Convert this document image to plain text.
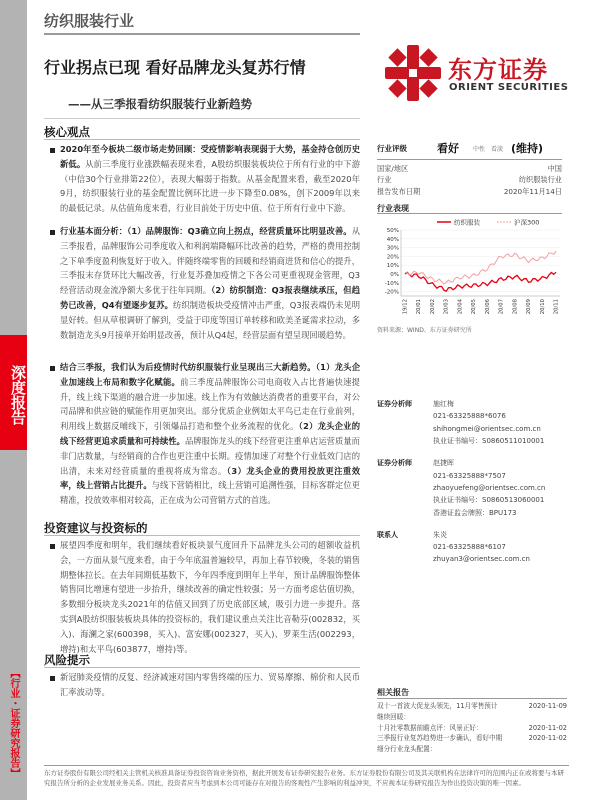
深度报告
【行业・证券研究报告】
纺织服装行业
东方证券
ORIENT SECURITIES
行业拐点已现 看好品牌龙头复苏行情
——从三季报看纺织服装行业新趋势
核心观点
2020年至今板块二级市场走势回顾：受疫情影响表现弱于大势，基金持仓创历史新低。从前三季度行业涨跌幅表现来看，A股纺织服装板块位于所有行业的中下游（中信30个行业排第22位），表现大幅弱于指数。从基金配置来看，截至2020年9月，纺织服装行业的基金配置比例环比进一步下降至0.08%，创下2009年以来的最低记录。从估值角度来看，行业目前处于历史中值、位于所有行业中下游。
行业基本面分析：（1）品牌服饰：Q3确立向上拐点，经营质量环比明显改善。从三季报看，品牌服饰公司季度收入和利润端降幅环比改善的趋势，严格的费用控制之下单季度盈利恢复好于收入。伴随终端零售的回暖和经销商进货和信心的提升，三季报末存货环比大幅改善，行业复苏叠加疫情之下各公司更重视现金管理，Q3经营活动现金流净额大多优于往年同期。（2）纺织制造：Q3报表继续承压，但趋势已改善，Q4有望逐步复苏。纺织制造板块受疫情冲击严重，Q3报表端仍未见明显好转。但从草根调研了解到，受益于印度等国订单转移和欧美圣诞需求拉动，多数制造龙头9月接单开始明显改善，预计从Q4起，经营层面有望呈现回暖趋势。
结合三季报，我们认为后疫情时代纺织服装行业呈现出三大新趋势。（1）龙头企业加速线上布局和数字化赋能。前三季度品牌服饰公司电商收入占比普遍快速提升，线上线下渠道的融合进一步加速。线上作为有效触达消费者的重要平台，对公司品牌和供应链的赋能作用更加突出。部分优质企业例如太平鸟已走在行业前列，利用线上数据反哺线下，引领爆品打造和整个业务流程的优化。（2）龙头企业的线下经营更追求质量和可持续性。品牌服饰龙头的线下经营更注重单店运营质量而非门店数量，与经销商的合作也更注重中长期。疫情加速了对整个行业低效门店的出清，未来对经营质量的重视将成为常态。（3）龙头企业的费用投放更注重效率，线上营销占比提升。与线下营销相比，线上营销可追溯性强，目标客群定位更精准，投放效率相对较高，正在成为公司营销方式的首选。
投资建议与投资标的
展望四季度和明年，我们继续看好板块景气度回升下品牌龙头公司的超额收益机会，一方面从景气度来看，由于今年底温普遍较早，再加上春节较晚，冬装的销售期整体拉长。在去年同期低基数下，今年四季度到明年上半年，预计品牌服饰整体销售同比增速有望进一步抬升，继续改善的确定性较强；另一方面考虑估值切换，多数细分板块龙头2021年的估值又回到了历史底部区域，吸引力进一步提升。落实到A股纺织服装板块具体的投资标的，我们建议重点关注比音勒芬(002832，买入)、海澜之家(600398，买入)、富安娜(002327，买入)、罗莱生活(002293，增持)和太平鸟(603877，增持)等。
风险提示
新冠肺炎疫情的反复、经济减速对国内零售终端的压力、贸易摩擦、棉价和人民币汇率波动等。
行业评级	看好	中性 看淡 (维持)
国家/地区	中国
行业	纺织服装行业
报告发布日期	2020年11月14日
行业表现
纺织服装	沪深300
50%
40%
30%
20%
10%
0%
-10%
-20%
19/12 20/01 20/02 20/03 20/04 20/05 20/06 20/07 20/08 20/09 20/10 20/11
资料来源：WIND、东方证券研究所
证券分析师	施红梅
021-63325888*6076
shihongmei@orientsec.com.cn
执业证书编号：S0860511010001
证券分析师	赵捷晖
021-63325888*7507
zhaoyuefeng@orientsec.com.cn
执业证书编号：S0860513060001
香港证监会牌照：BPU173
联系人	朱炎
021-63325888*6107
zhuyan3@orientsec.com.cn
相关报告
双十一首波大促龙头领先，11月零售预计	2020-11-09
继续回暖：
十月社零数据前瞻点评：风景正好：	2020-11-02
三季报行业复苏趋势进一步确认，看好中期	2020-11-02
细分行业龙头配置：
东方证券股份有限公司经相关主管机关核准具备证券投资咨询业务资格，据此开展发布证券研究报告业务。东方证券股份有限公司及其关联机构在法律许可的范围内正在或将要与本研究报告所分析的企业发展业务关系。因此，投资者应当考虑到本公司可能存在对报告的客观性产生影响的利益冲突，不应视本证券研究报告为作出投资决策的唯一因素。
